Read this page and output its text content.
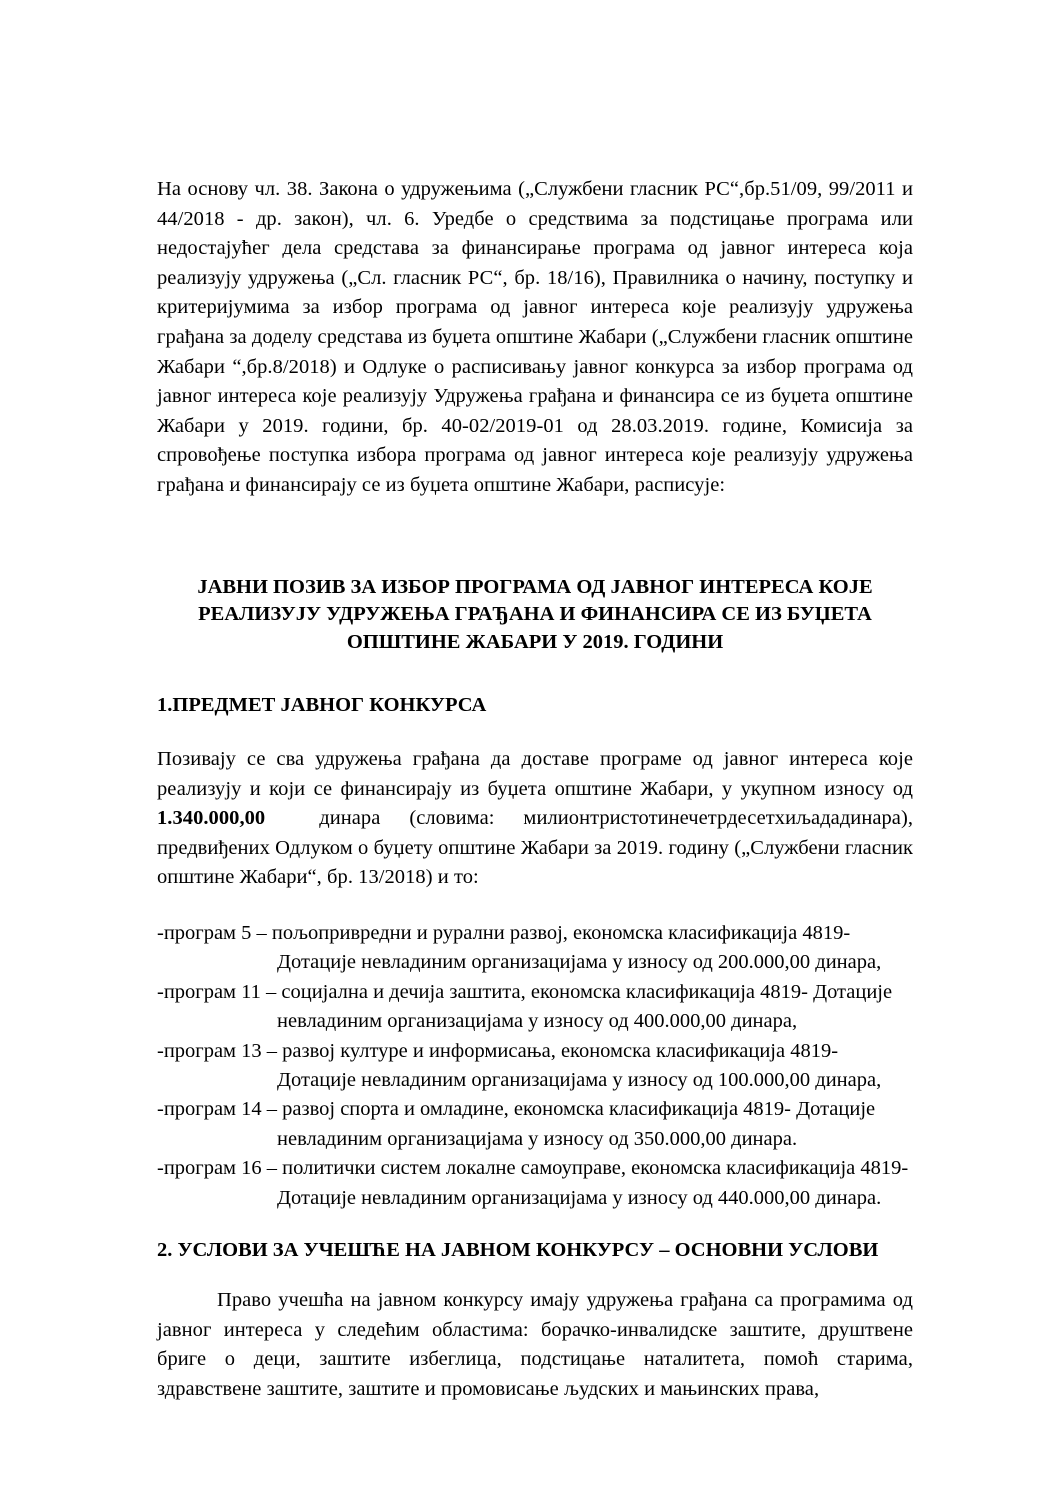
На основу чл. 38. Закона о удружењима („Службени гласник РС“,бр.51/09, 99/2011 и 44/2018 - др. закон), чл. 6. Уредбе о средствима за подстицање програма или недостајућег дела средстава за финансирање програма од јавног интереса која реализују удружења („Сл. гласник РС“, бр. 18/16), Правилника о начину, поступку и критеријумима за избор програма од јавног интереса које реализују удружења грађана за доделу средстава из буџета општине Жабари („Службени гласник општине Жабари “,бр.8/2018) и Одлуке о расписивању јавног конкурса за избор програма од јавног интереса које реализују Удружења грађана и финансира се из буџета општине Жабари у 2019. години, бр. 40-02/2019-01 од 28.03.2019. године, Комисија за спровођење поступка избора програма од јавног интереса које реализују удружења грађана и финансирају се из буџета општине Жабари, расписује:

ЈАВНИ ПОЗИВ ЗА ИЗБОР ПРОГРАМА ОД ЈАВНОГ ИНТЕРЕСА КОЈЕ РЕАЛИЗУЈУ УДРУЖЕЊА ГРАЂАНА И ФИНАНСИРА СЕ ИЗ БУЏЕТА ОПШТИНЕ ЖАБАРИ У 2019. ГОДИНИ

1.ПРЕДМЕТ ЈАВНОГ КОНКУРСА

Позивају се сва удружења грађана да доставе програме од јавног интереса које реализују и који се финансирају из буџета општине Жабари, у укупном износу од 1.340.000,00	динара (словима: милионтристотинечетрдесетхиљададинара), предвиђених Одлуком о буџету општине Жабари за 2019. годину („Службени гласник општине Жабари“, бр. 13/2018) и то:

-програм 5 – пољопривредни и рурални развој, економска класификација 4819- Дотације невладиним организацијама у износу од 200.000,00 динара,

-програм 11 – социјална и дечија заштита, економска класификација 4819- Дотације невладиним организацијама у износу од 400.000,00 динара,

-програм 13 – развој културе и информисања, економска класификација 4819- Дотације невладиним организацијама у износу од 100.000,00 динара,

-програм 14 – развој спорта и омладине, економска класификација 4819- Дотације невладиним организацијама у износу од 350.000,00 динара.

-програм 16 – политички систем локалне самоуправе, економска класификација 4819- Дотације невладиним организацијама у износу од 440.000,00 динара.

2. УСЛОВИ ЗА УЧЕШЋЕ НА ЈАВНОМ КОНКУРСУ – ОСНОВНИ УСЛОВИ

Право учешћа на јавном конкурсу имају удружења грађана са програмима од јавног интереса у следећим областима: борачко-инвалидске заштите, друштвене бриге о деци, заштите избеглица, подстицање наталитета, помоћ старима, здравствене заштите, заштите и промовисање људских и мањинских права,
